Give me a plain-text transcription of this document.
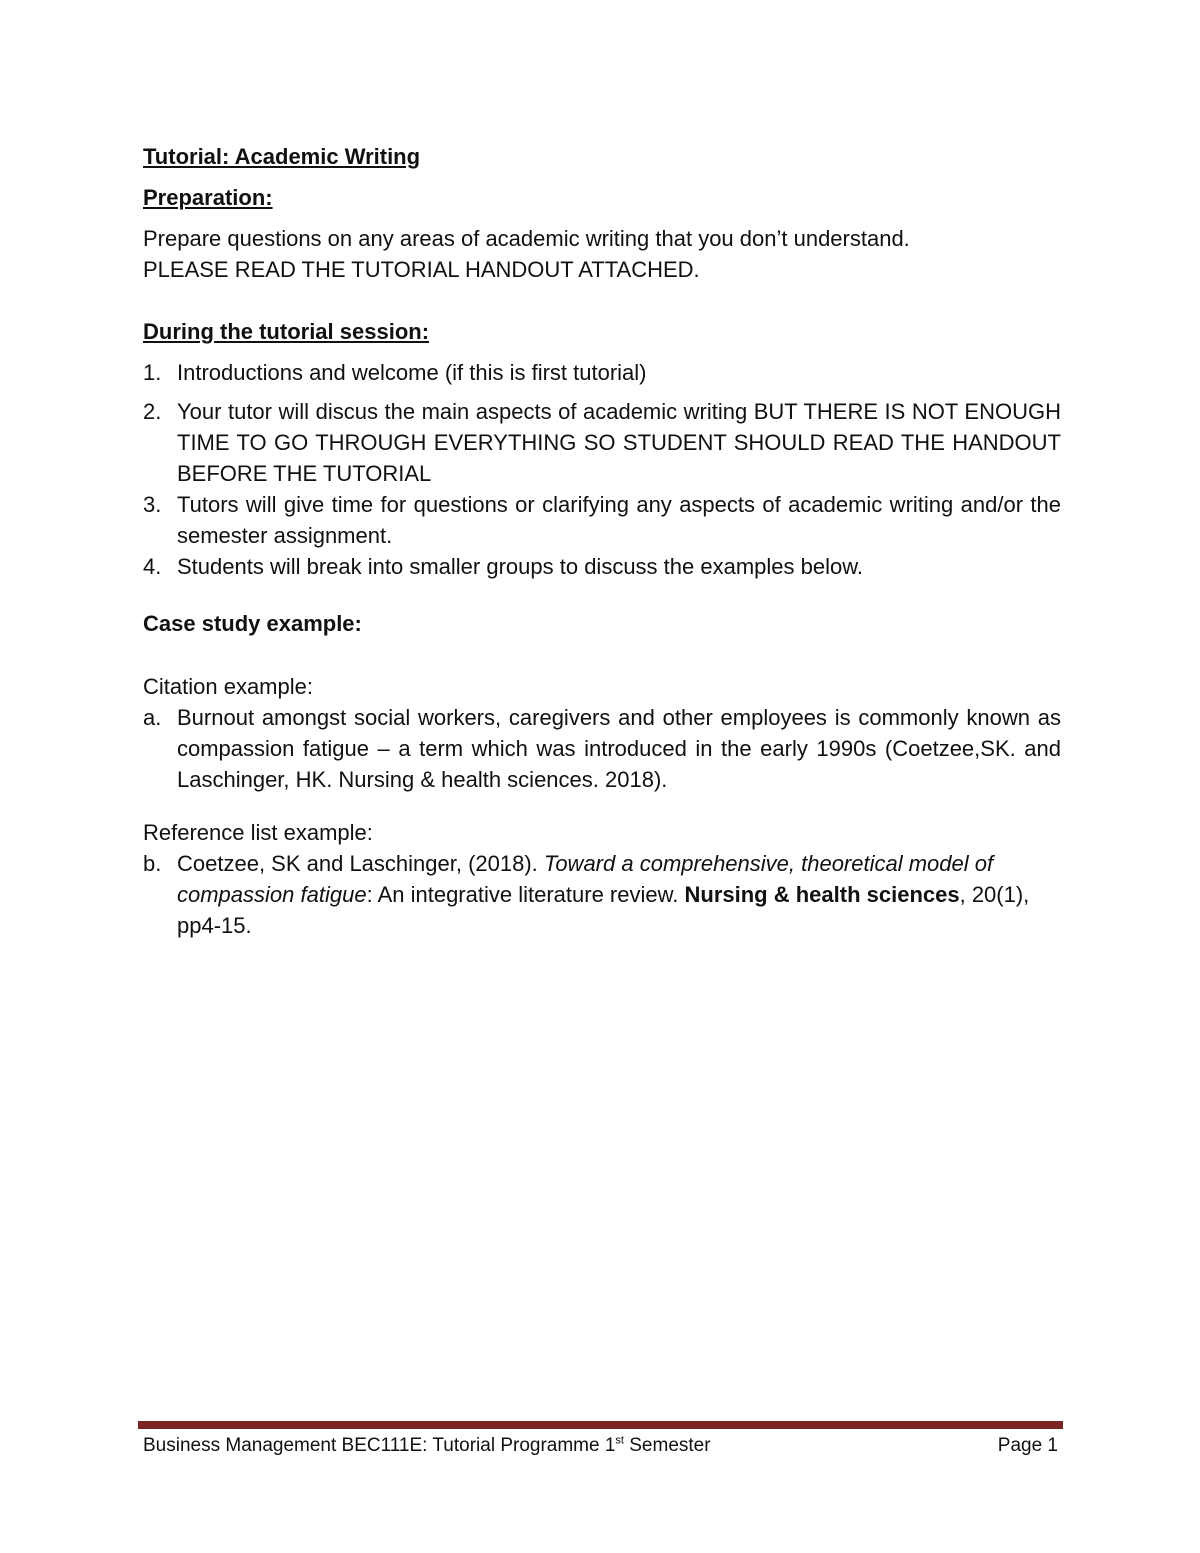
Tutorial: Academic Writing
Preparation:

Prepare questions on any areas of academic writing that you don’t understand.

PLEASE READ THE TUTORIAL HANDOUT ATTACHED.

During the tutorial session:
1. Introductions and welcome (if this is first tutorial)
2. Your tutor will discus the main aspects of academic writing BUT THERE IS NOT ENOUGH TIME TO GO THROUGH EVERYTHING SO STUDENT SHOULD READ THE HANDOUT BEFORE THE TUTORIAL
3. Tutors will give time for questions or clarifying any aspects of academic writing and/or the semester assignment.
4. Students will break into smaller groups to discuss the examples below.
Case study example:

Citation example:

a. Burnout amongst social workers, caregivers and other employees is commonly known as compassion fatigue – a term which was introduced in the early 1990s (Coetzee,SK. and Laschinger, HK. Nursing & health sciences. 2018).

Reference list example:

b. Coetzee, SK and Laschinger, (2018). Toward a comprehensive, theoretical model of compassion fatigue: An integrative literature review. Nursing & health sciences, 20(1), pp4-15.
Business Management BEC111E: Tutorial Programme 1st Semester	Page 1
